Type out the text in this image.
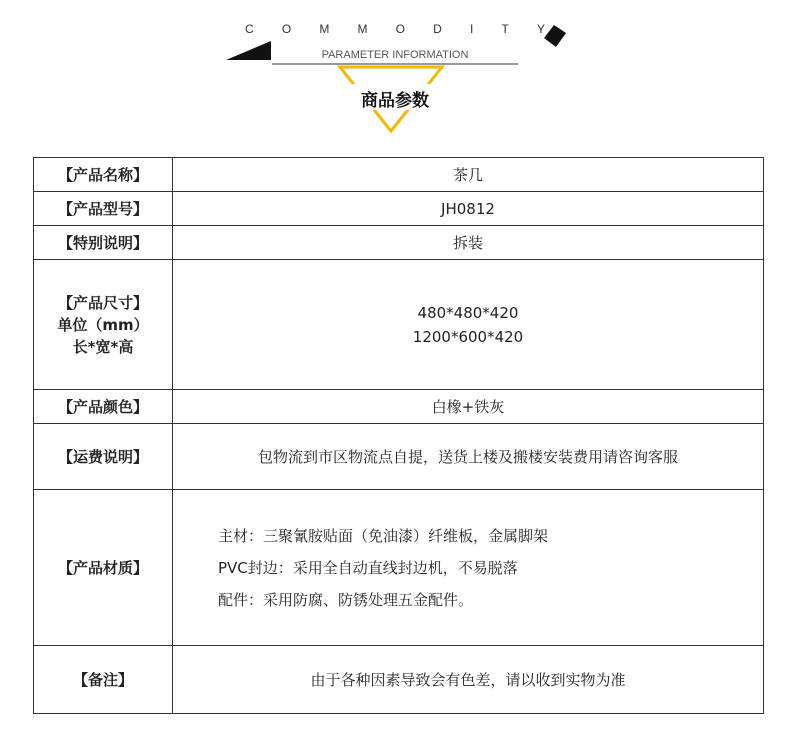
C O M M O D I T Y
PARAMETER INFORMATION
商品参数
【产品名称】	茶几
【产品型号】	JH0812
【特别说明】	拆装

【产品尺寸】
单位（mm）
长*宽*高	480*480*420
1200*600*420

【产品颜色】	白橡+铁灰
【运费说明】	包物流到市区物流点自提，送货上楼及搬楼安装费用请咨询客服
【产品材质】	主材：三聚氰胺贴面（免油漆）纤维板，金属脚架
PVC封边：采用全自动直线封边机，不易脱落
配件：采用防腐、防锈处理五金配件。

【备注】	由于各种因素导致会有色差，请以收到实物为准
